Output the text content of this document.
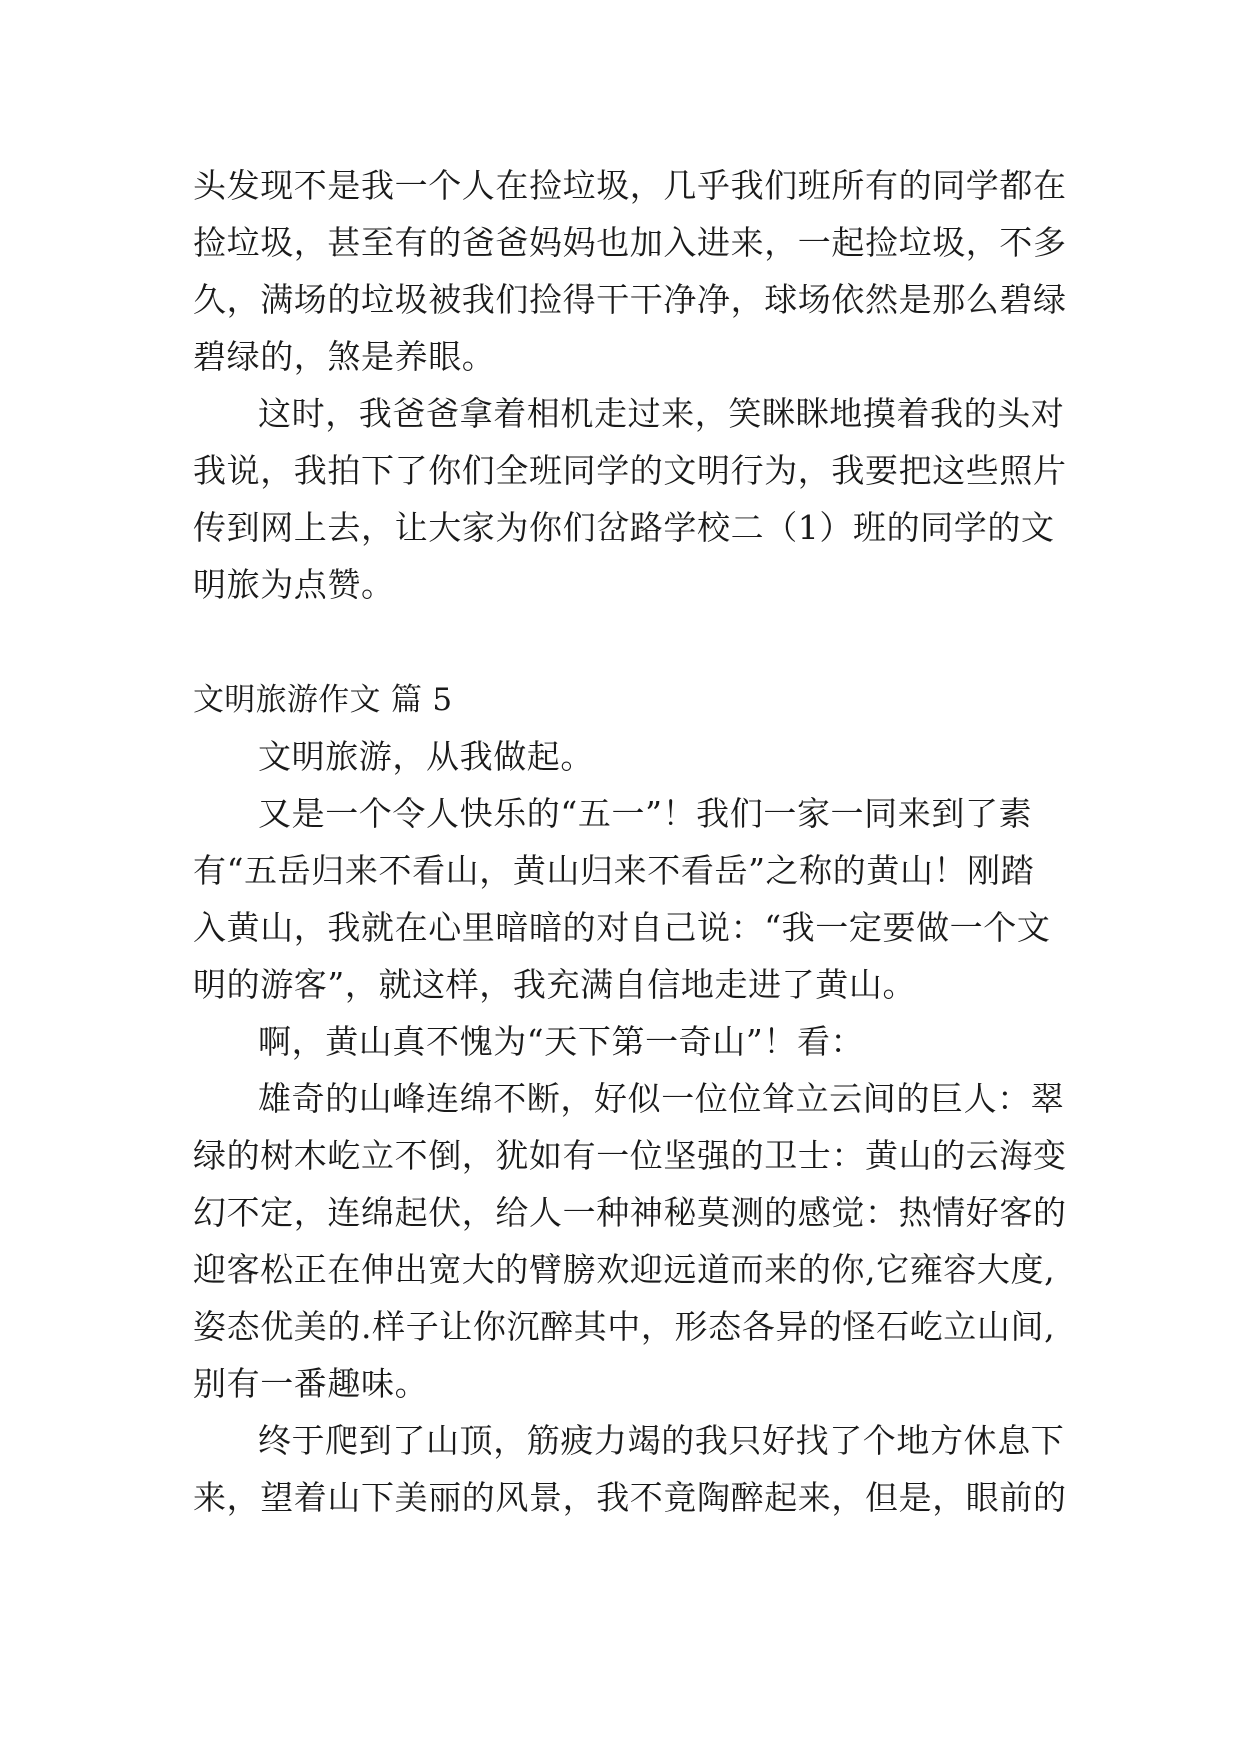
头发现不是我一个人在捡垃圾，几乎我们班所有的同学都在
捡垃圾，甚至有的爸爸妈妈也加入进来，一起捡垃圾，不多
久，满场的垃圾被我们捡得干干净净，球场依然是那么碧绿
碧绿的，煞是养眼。
这时，我爸爸拿着相机走过来，笑眯眯地摸着我的头对
我说，我拍下了你们全班同学的文明行为，我要把这些照片
传到网上去，让大家为你们岔路学校二（1）班的同学的文
明旅为点赞。
文明旅游作文 篇 5
文明旅游，从我做起。
又是一个令人快乐的“五一”！我们一家一同来到了素
有“五岳归来不看山，黄山归来不看岳”之称的黄山！刚踏
入黄山，我就在心里暗暗的对自己说：“我一定要做一个文
明的游客”，就这样，我充满自信地走进了黄山。
啊，黄山真不愧为“天下第一奇山”！看：
雄奇的山峰连绵不断，好似一位位耸立云间的巨人：翠
绿的树木屹立不倒，犹如有一位坚强的卫士：黄山的云海变
幻不定，连绵起伏，给人一种神秘莫测的感觉：热情好客的
迎客松正在伸出宽大的臂膀欢迎远道而来的你,它雍容大度,
姿态优美的.样子让你沉醉其中，形态各异的怪石屹立山间,
别有一番趣味。
终于爬到了山顶，筋疲力竭的我只好找了个地方休息下
来，望着山下美丽的风景，我不竟陶醉起来，但是，眼前的
